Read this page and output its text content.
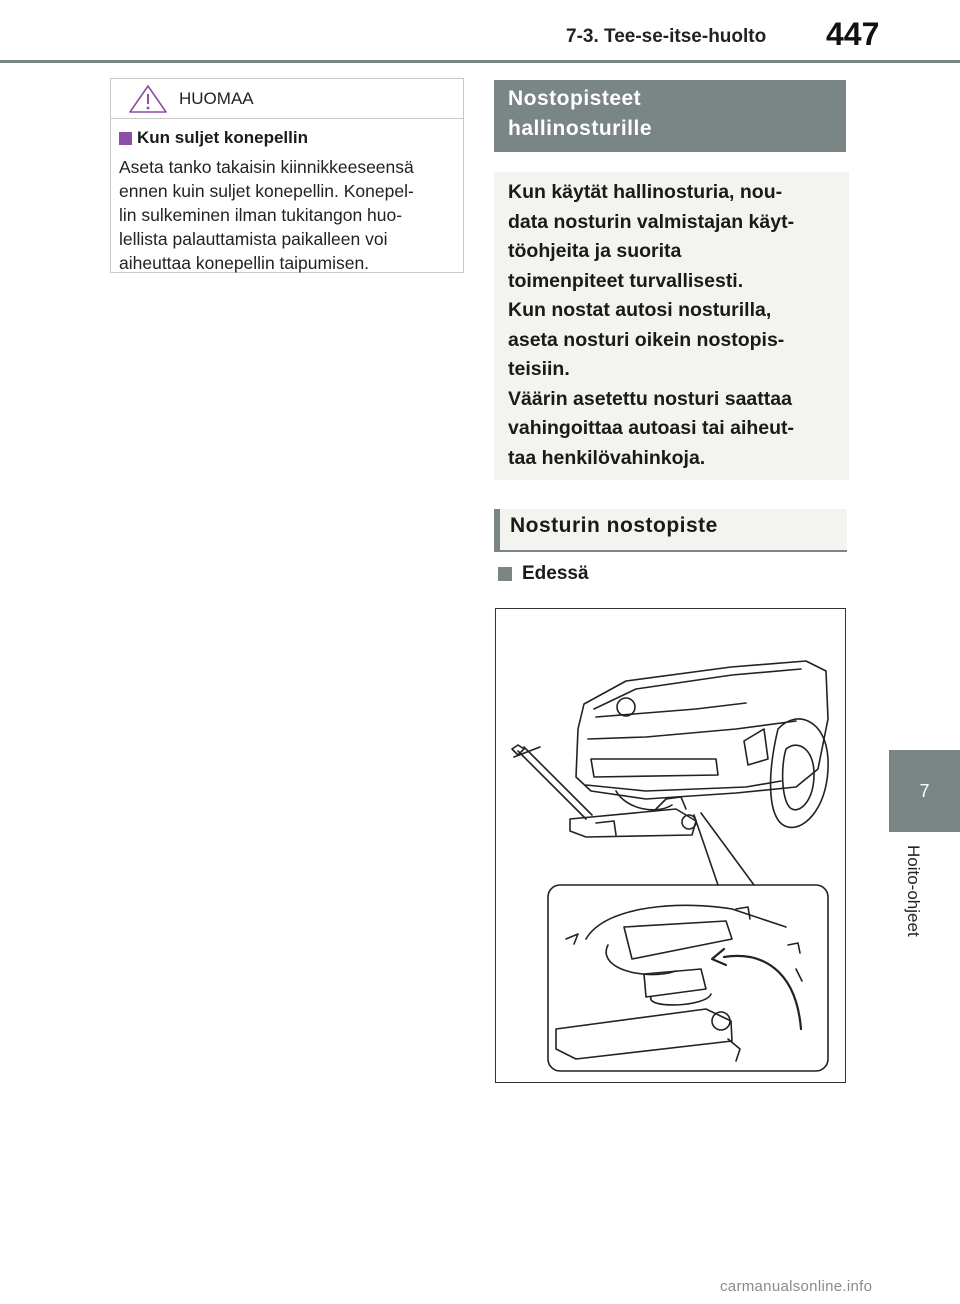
7-3. Tee-se-itse-huolto 447
7
Hoito-ohjeet
HUOMAA
Kun suljet konepellin
Aseta tanko takaisin kiinnikkeeseensä
ennen kuin suljet konepellin. Konepel-
lin sulkeminen ilman tukitangon huo-
lellista palauttamista paikalleen voi
aiheuttaa konepellin taipumisen.
Nostopisteet
hallinosturille
Kun käytät hallinosturia, nou-
data nosturin valmistajan käyt-
töohjeita ja suorita
toimenpiteet turvallisesti.
Kun nostat autosi nosturilla,
aseta nosturi oikein nostopis-
teisiin.
Väärin asetettu nosturi saattaa
vahingoittaa autoasi tai aiheut-
taa henkilövahinkoja.
Nosturin nostopiste
Edessä
carmanualsonline.info
